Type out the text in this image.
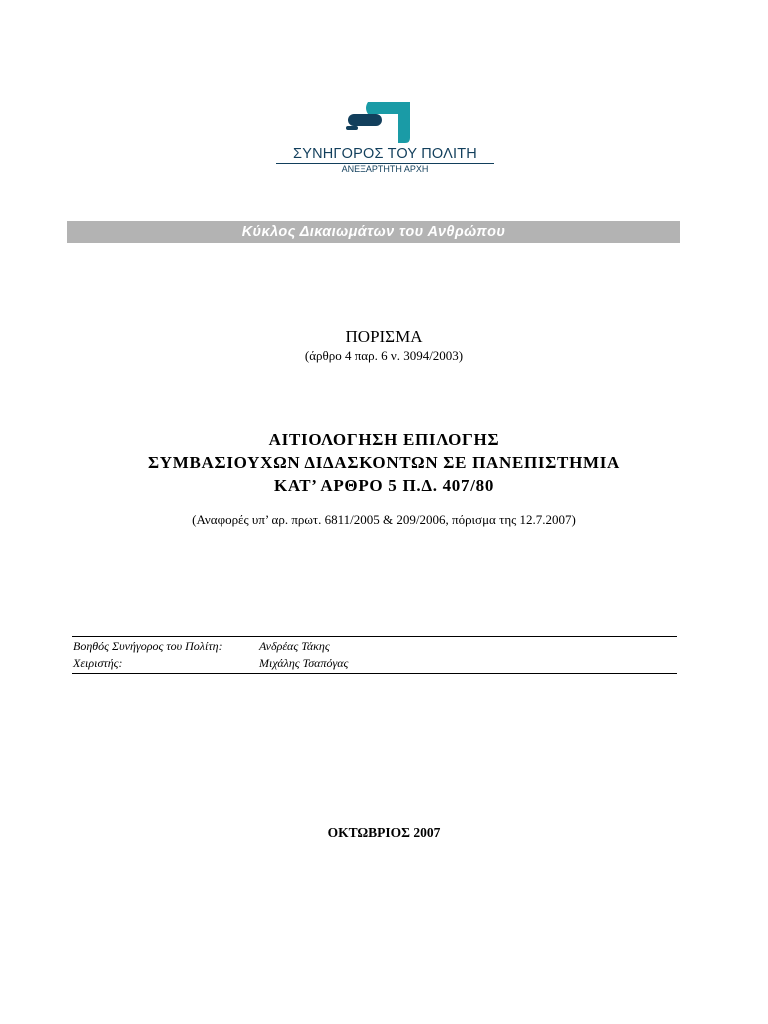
ΣΥΝΗΓΟΡΟΣ ΤΟΥ ΠΟΛΙΤΗ
ΑΝΕΞΑΡΤΗΤΗ ΑΡΧΗ
Κύκλος Δικαιωμάτων του Ανθρώπου
ΠΟΡΙΣΜΑ
(άρθρο 4 παρ. 6 ν. 3094/2003)
ΑΙΤΙΟΛΟΓΗΣΗ ΕΠΙΛΟΓΗΣ
ΣΥΜΒΑΣΙΟΥΧΩΝ ΔΙΔΑΣΚΟΝΤΩΝ ΣΕ ΠΑΝΕΠΙΣΤΗΜΙΑ
ΚΑΤ’ ΑΡΘΡΟ 5 Π.Δ. 407/80
(Αναφορές υπ’ αρ. πρωτ. 6811/2005 & 209/2006, πόρισμα της 12.7.2007)
Βοηθός Συνήγορος του Πολίτη:	Ανδρέας Τάκης
Χειριστής:	Μιχάλης Τσαπόγας
ΟΚΤΩΒΡΙΟΣ 2007
